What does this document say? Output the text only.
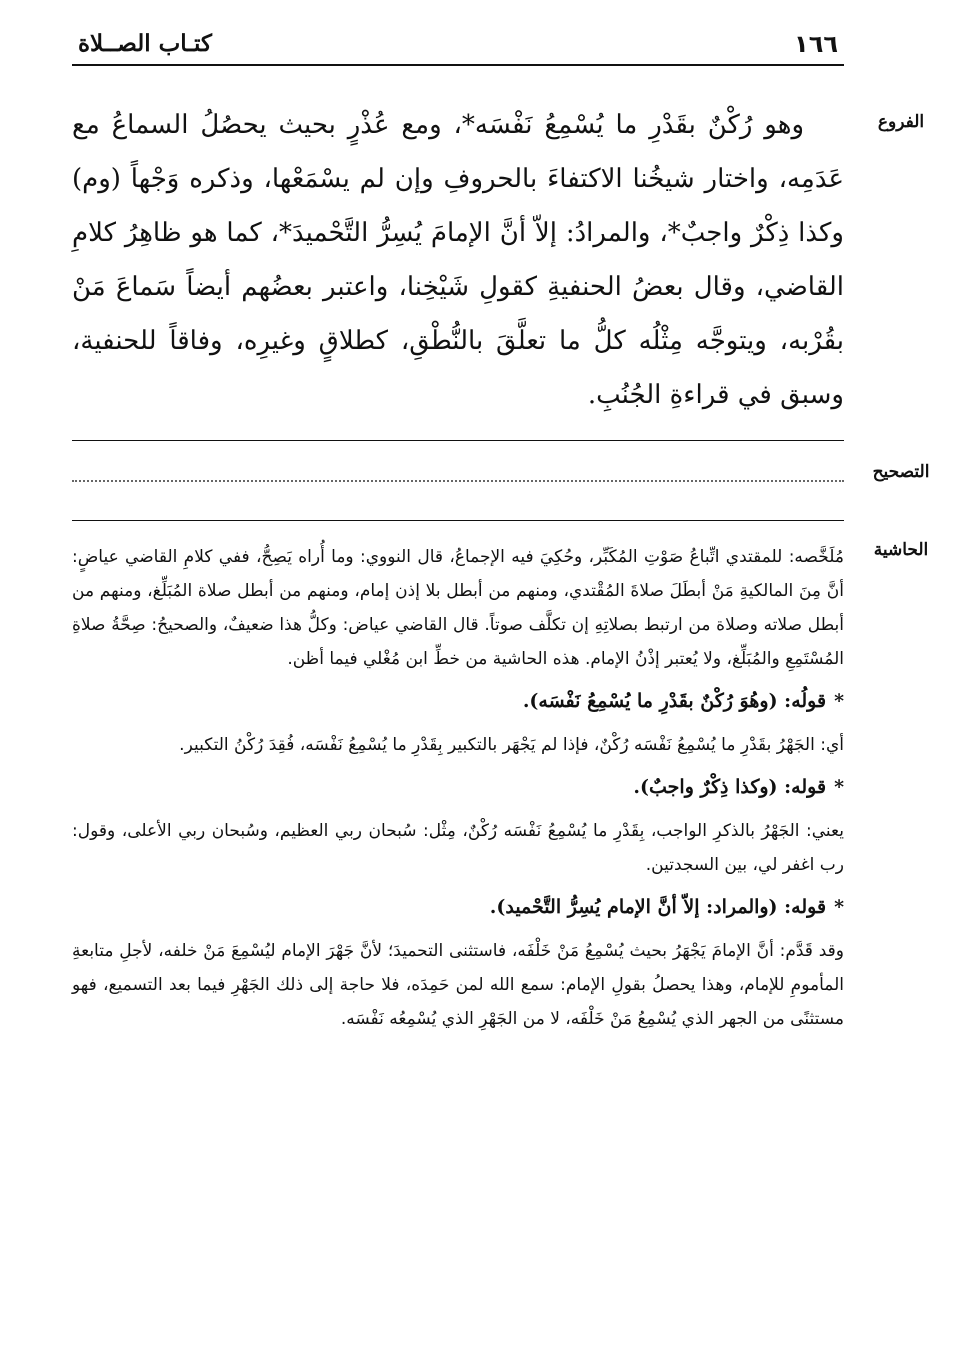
١٦٦
كتـاب الصــلاة
الفروع
وهو رُكْنٌ بقَدْرِ ما يُسْمِعُ نَفْسَه*، ومع عُذْرٍ بحيث يحصُلُ السماعُ مع عَدَمِه، واختار شيخُنا الاكتفاءَ بالحروفِ وإن لم يسْمَعْها، وذكره وَجْهاً (وم) وكذا ذِكْرٌ واجبٌ*، والمرادُ: إلاّ أنَّ الإمامَ يُسِرُّ التَّحْميدَ*، كما هو ظاهِرُ كلامِ القاضي، وقال بعضُ الحنفيةِ كقولِ شَيْخِنا، واعتبر بعضُهم أيضاً سَماعَ مَنْ بقُرْبه، ويتوجَّه مِثْلُه كلُّ ما تعلَّقَ بالنُّطْقِ، كطلاقٍ وغيرِه، وفاقاً للحنفية، وسبق في قراءةِ الجُنُبِ.
التصحيح
الحاشية

مُلَخَّصه: للمقتدي اتِّباعُ صَوْتِ المُكَبِّر، وحُكِيَ فيه الإجماعُ، قال النووي: وما أُراه يَصِحُّ، ففي كلامِ القاضي عياضٍ: أنَّ مِنَ المالكيةِ مَنْ أبطَلَ صلاةَ المُقْتدي، ومنهم من أبطل بلا إذن إمام، ومنهم من أبطل صلاة المُبَلِّغ، ومنهم من أبطل صلاته وصلاة من ارتبط بصلاتِهِ إن تكلَّف صوتاً. قال القاضي عياض: وكلُّ هذا ضعيفٌ، والصحيحُ: صِحَّةُ صلاةِ المُسْتَمِعِ والمُبَلِّغ، ولا يُعتبر إذْنُ الإمام. هذه الحاشية من خطِّ ابن مُغْلي فيما أظن.

*قولُه: (وهُوَ رُكْنٌ بقَدْرِ ما يُسْمِعُ نَفْسَه).

أي: الجَهْرُ بقَدْرِ ما يُسْمِعُ نَفْسَه رُكْنٌ، فإذا لم يَجْهَر بالتكبير بِقَدْرِ ما يُسْمِعُ نَفْسَه، فُقِدَ رُكْنُ التكبير.

*قوله: (وكذا ذِكْرٌ واجبٌ).

يعني: الجَهْرُ بالذكرِ الواجب، بِقَدْرِ ما يُسْمِعُ نَفْسَه رُكْنٌ، مِثْل: سُبحان ربي العظيم، وسُبحان ربي الأعلى، وقول: رب اغفر لي، بين السجدتين.

*قوله: (والمراد: إلاّ أنَّ الإمام يُسِرُّ التَّحْميد).

وقد قَدَّم: أنَّ الإمامَ يَجْهَرُ بحيث يُسْمِعُ مَنْ خَلْفَه، فاستثنى التحميدَ؛ لأنَّ جَهْرَ الإمام ليُسْمِعَ مَنْ خلفه، لأجلِ متابعةِ المأمومِ للإمام، وهذا يحصلُ بقولِ الإمام: سمع الله لمن حَمِدَه، فلا حاجة إلى ذلك الجَهْرِ فيما بعد التسميع، فهو مستثنًى من الجهر الذي يُسْمِعُ مَنْ خَلْفَه، لا من الجَهْرِ الذي يُسْمِعُه نَفْسَه.
